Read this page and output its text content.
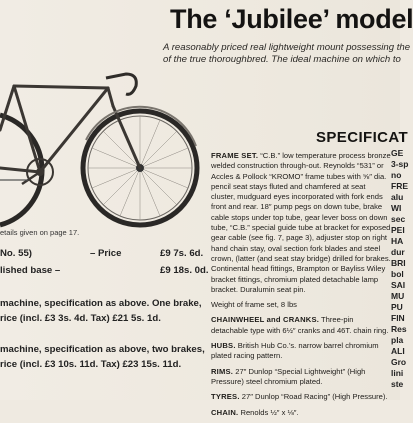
The ‘Jubilee’ model
A reasonably priced real lightweight mount possessing the
of the true thoroughbred. The ideal machine on which to
etails given on page 17.
No. 55)	– Price	£9 7s. 6d.
lished base –	£9 18s. 0d.
machine, specification as above. One brake,
rice (incl. £3 3s. 4d. Tax) £21 5s. 1d.
machine, specification as above, two brakes,
rice (incl. £3 10s. 11d. Tax) £23 15s. 11d.
SPECIFICAT

FRAME SET. “C.B.” low temperature process bronze welded construction through-out. Reynolds “531” or Accles & Pollock “KROMO” frame tubes with ⅝″ dia. pencil seat stays fluted and chamfered at seat cluster, mudguard eyes incorporated with fork ends front and rear. 18″ pump pegs on down tube, brake cable stops under top tube, gear lever boss on down tube, “C.B.” special guide tube at bracket for exposed gear cable (see fig. 7, page 3), adjuster stop on right hand chain stay, oval section fork blades and steel crown, (latter (and seat stay bridge) drilled for brakes. Continental head fittings, Brampton or Bayliss Wiley bracket fittings, chromium plated detachable lamp bracket. Duralumin seat pin.

Weight of frame set, 8 lbs

CHAINWHEEL and CRANKS. Three-pin detachable type with 6½″ cranks and 46T. chain ring.

HUBS. British Hub Co.’s. narrow barrel chromium plated racing pattern.

RIMS. 27″ Dunlop “Special Lightweight” (High Pressure) steel chromium plated.

TYRES. 27″ Dunlop “Road Racing” (High Pressure).

CHAIN. Renolds ½″ x ⅛″.

GE
3-sp
no
FRE
alu
WI
sec
PEI
HA
dur
BRI
bol
SAI
MU
PU
FIN
Res
pla
ALI
Gro
lini
ste
